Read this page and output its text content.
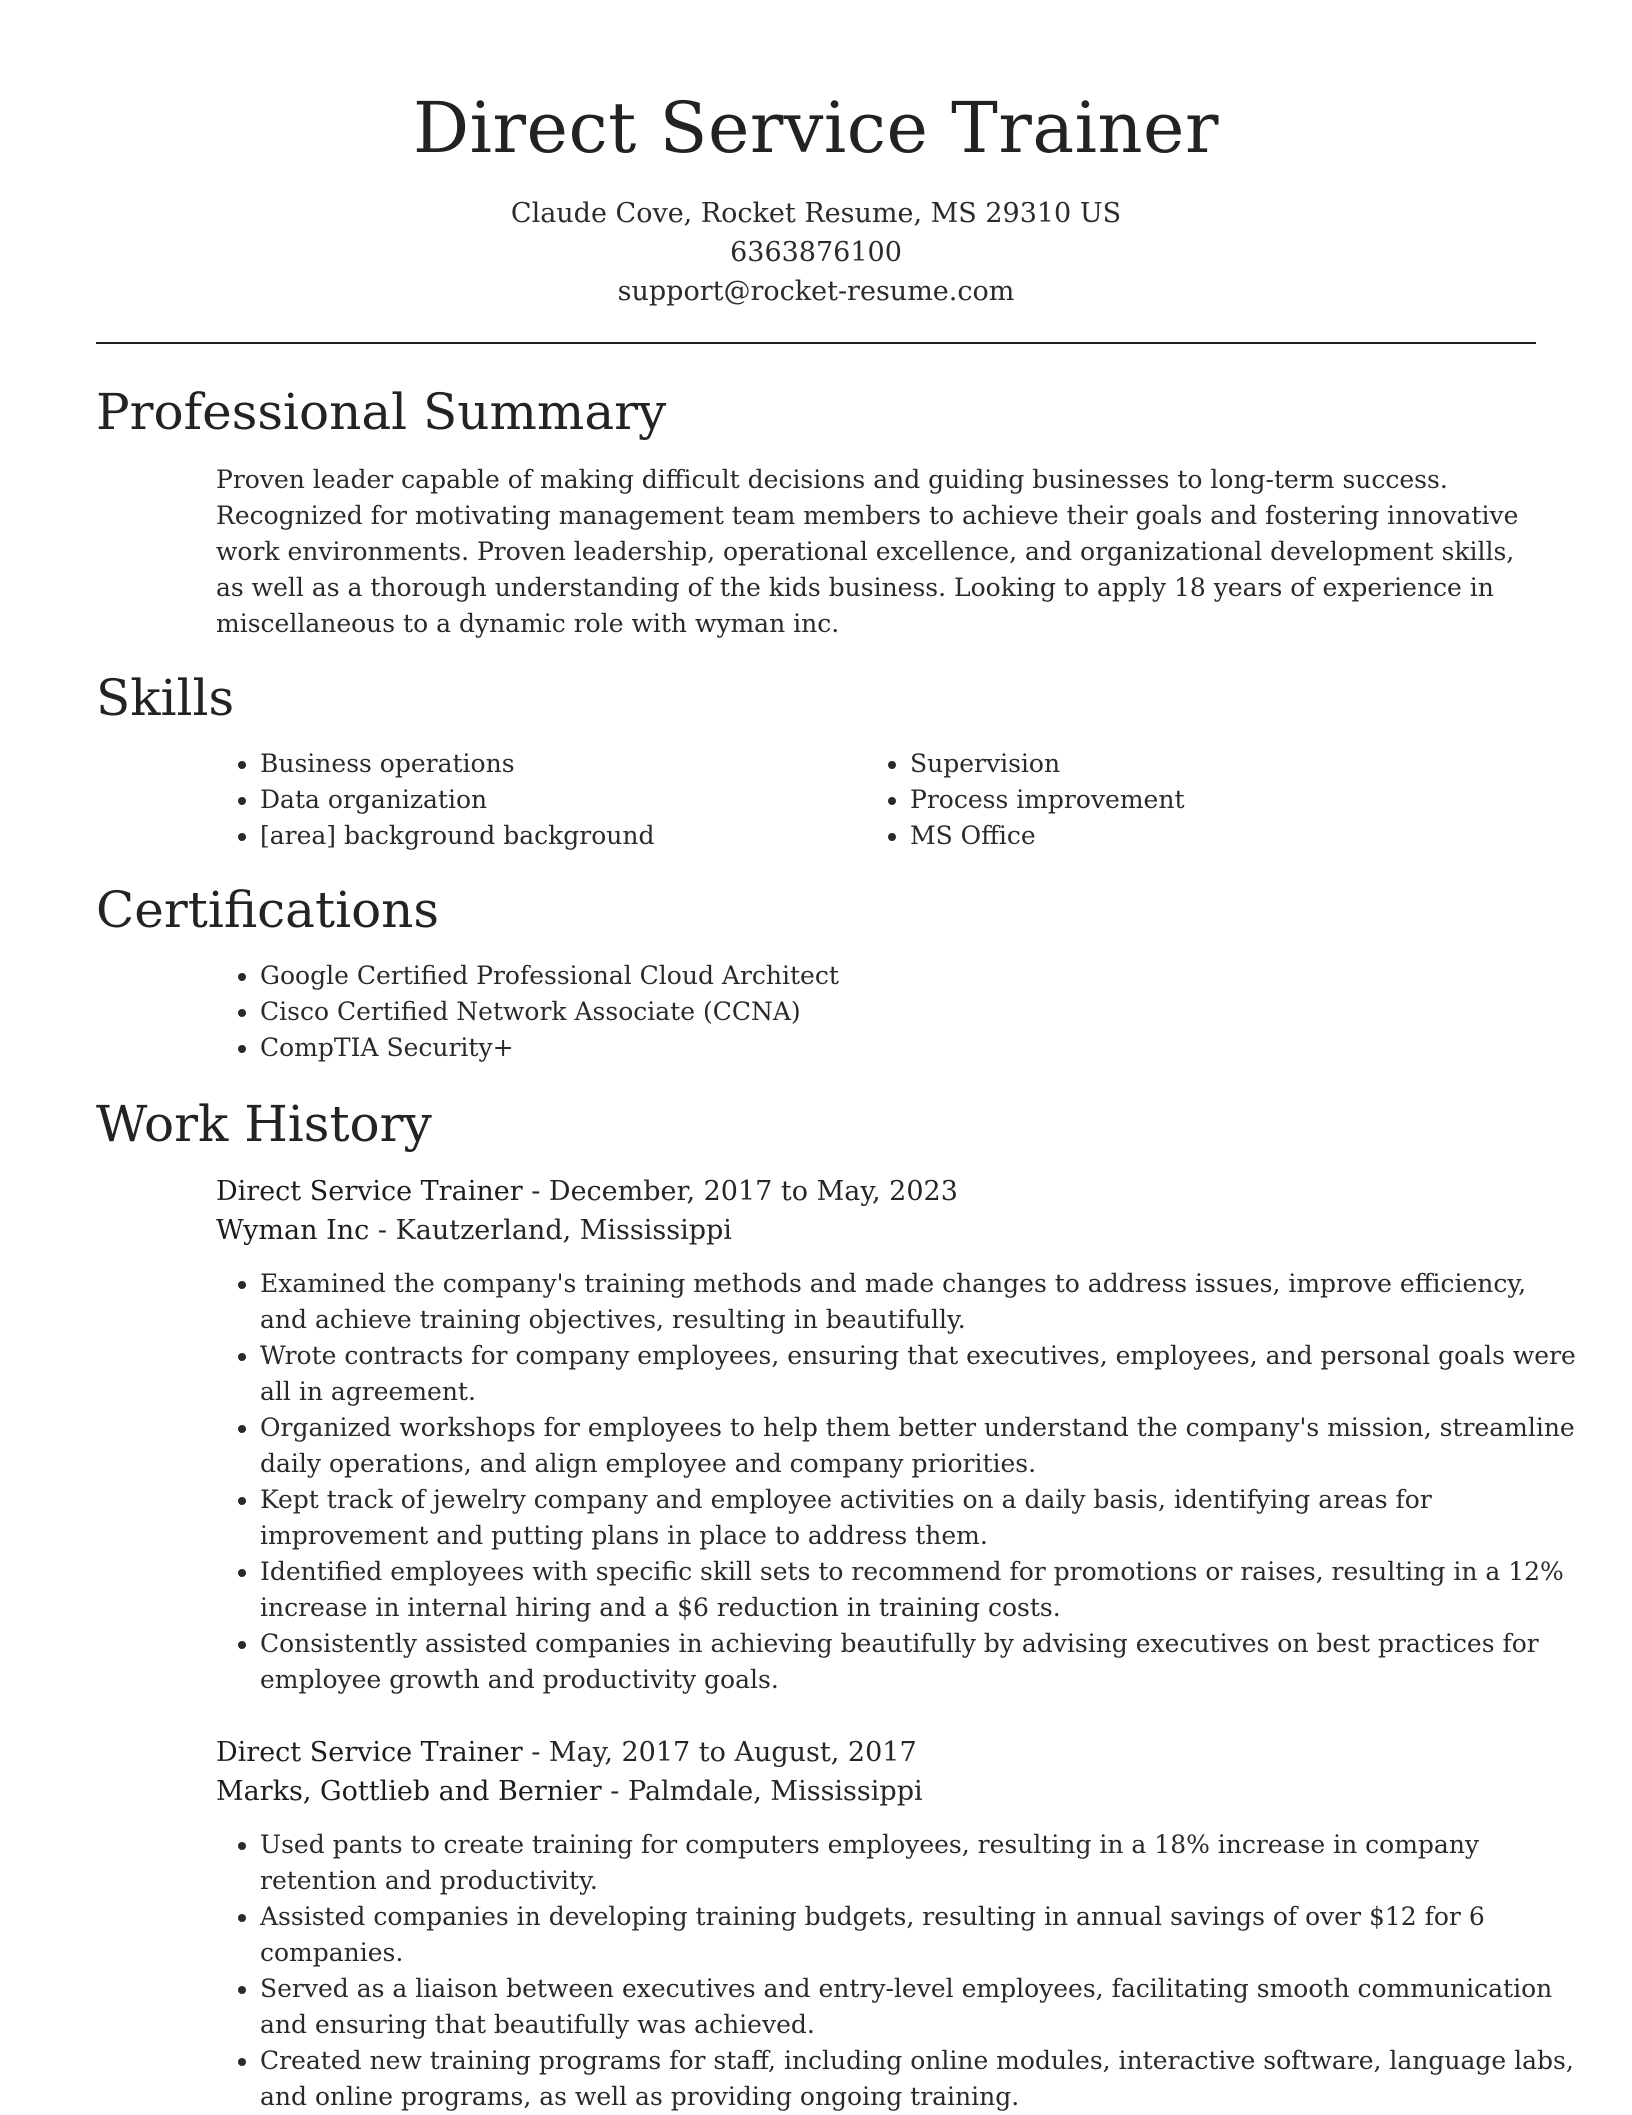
Direct Service Trainer
Claude Cove, Rocket Resume, MS 29310 US
6363876100
support@rocket-resume.com
Professional Summary

Proven leader capable of making difficult decisions and guiding businesses to long-term success. Recognized for motivating management team members to achieve their goals and fostering innovative work environments. Proven leadership, operational excellence, and organizational development skills, as well as a thorough understanding of the kids business. Looking to apply 18 years of experience in miscellaneous to a dynamic role with wyman inc.

Skills
• Business operations
• Data organization
• [area] background background
• Supervision
• Process improvement
• MS Office
Certifications
• Google Certified Professional Cloud Architect
• Cisco Certified Network Associate (CCNA)
• CompTIA Security+
Work History
Direct Service Trainer - December, 2017 to May, 2023
Wyman Inc - Kautzerland, Mississippi
• Examined the company's training methods and made changes to address issues, improve efficiency, and achieve training objectives, resulting in beautifully.
• Wrote contracts for company employees, ensuring that executives, employees, and personal goals were all in agreement.
• Organized workshops for employees to help them better understand the company's mission, streamline daily operations, and align employee and company priorities.
• Kept track of jewelry company and employee activities on a daily basis, identifying areas for improvement and putting plans in place to address them.
• Identified employees with specific skill sets to recommend for promotions or raises, resulting in a 12% increase in internal hiring and a $6 reduction in training costs.
• Consistently assisted companies in achieving beautifully by advising executives on best practices for employee growth and productivity goals.
Direct Service Trainer - May, 2017 to August, 2017
Marks, Gottlieb and Bernier - Palmdale, Mississippi
• Used pants to create training for computers employees, resulting in a 18% increase in company retention and productivity.
• Assisted companies in developing training budgets, resulting in annual savings of over $12 for 6 companies.
• Served as a liaison between executives and entry-level employees, facilitating smooth communication and ensuring that beautifully was achieved.
• Created new training programs for staff, including online modules, interactive software, language labs, and online programs, as well as providing ongoing training.
